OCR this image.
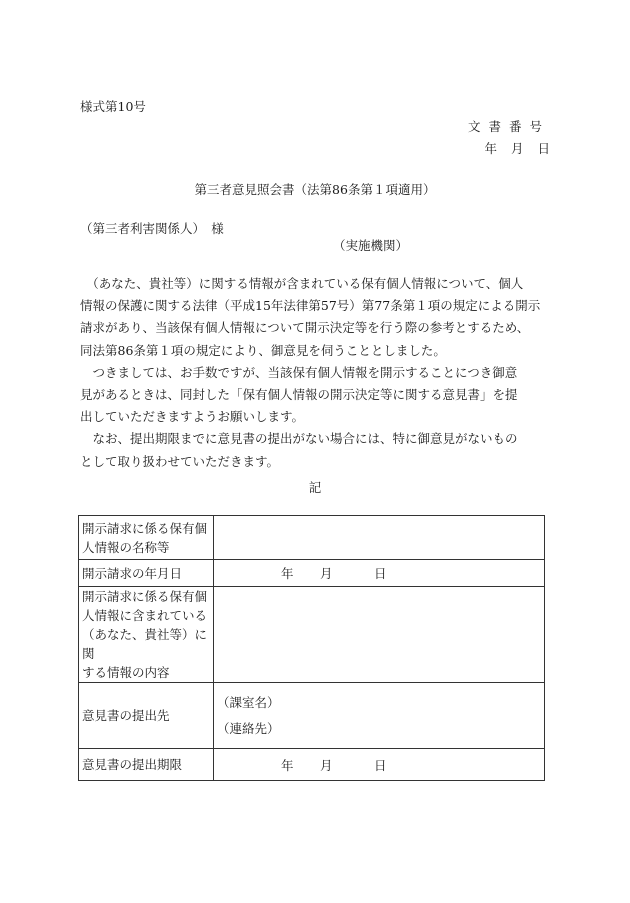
様式第10号
文書番号
年 月 日
第三者意見照会書（法第86条第１項適用）
（第三者利害関係人）　様
（実施機関）

　（あなた、貴社等）に関する情報が含まれている保有個人情報について、個人

情報の保護に関する法律（平成15年法律第57号）第77条第１項の規定による開示

請求があり、当該保有個人情報について開示決定等を行う際の参考とするため、

同法第86条第１項の規定により、御意見を伺うこととしました。

　つきましては、お手数ですが、当該保有個人情報を開示することにつき御意

見があるときは、同封した「保有個人情報の開示決定等に関する意見書」を提

出していただきますようお願いします。

　なお、提出期限までに意見書の提出がない場合には、特に御意見がないもの

として取り扱わせていただきます。

記
開示請求に係る保有個
人情報の名称等	

開示請求の年月日	年 月 日

開示請求に係る保有個
人情報に含まれている
（あなた、貴社等）に関
する情報の内容	

意見書の提出先	（課室名）
（連絡先）

意見書の提出期限	年 月 日
